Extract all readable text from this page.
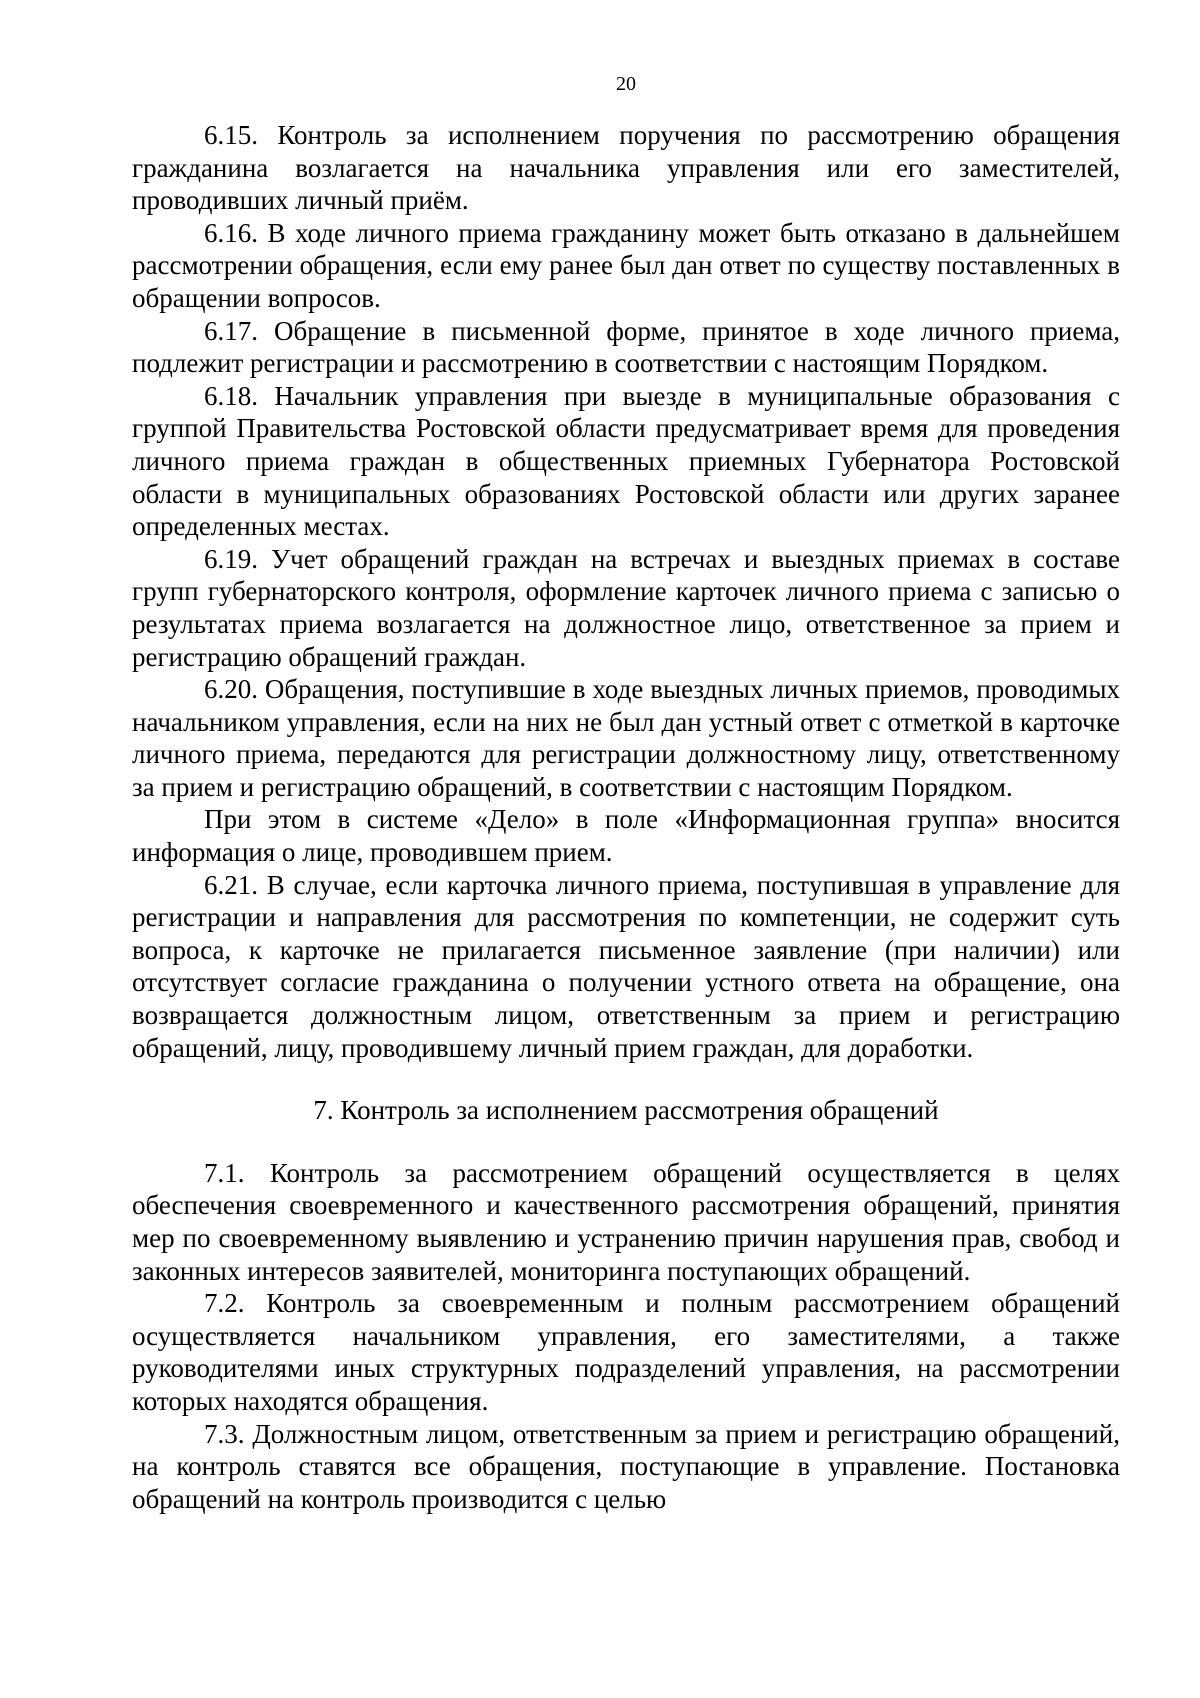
20

6.15. Контроль за исполнением поручения по рассмотрению обращения гражданина возлагается на начальника управления или его заместителей, проводивших личный приём.

6.16. В ходе личного приема гражданину может быть отказано в дальнейшем рассмотрении обращения, если ему ранее был дан ответ по существу поставленных в обращении вопросов.

6.17. Обращение в письменной форме, принятое в ходе личного приема, подлежит регистрации и рассмотрению в соответствии с настоящим Порядком.

6.18. Начальник управления при выезде в муниципальные образования с группой Правительства Ростовской области предусматривает время для проведения личного приема граждан в общественных приемных Губернатора Ростовской области в муниципальных образованиях Ростовской области или других заранее определенных местах.

6.19. Учет обращений граждан на встречах и выездных приемах в составе групп губернаторского контроля, оформление карточек личного приема с записью о результатах приема возлагается на должностное лицо, ответственное за прием и регистрацию обращений граждан.

6.20. Обращения, поступившие в ходе выездных личных приемов, проводимых начальником управления, если на них не был дан устный ответ с отметкой в карточке личного приема, передаются для регистрации должностному лицу, ответственному за прием и регистрацию обращений, в соответствии с настоящим Порядком.

При этом в системе «Дело» в поле «Информационная группа» вносится информация о лице, проводившем прием.

6.21. В случае, если карточка личного приема, поступившая в управление для регистрации и направления для рассмотрения по компетенции, не содержит суть вопроса, к карточке не прилагается письменное заявление (при наличии) или отсутствует согласие гражданина о получении устного ответа на обращение, она возвращается должностным лицом, ответственным за прием и регистрацию обращений, лицу, проводившему личный прием граждан, для доработки.

7. Контроль за исполнением рассмотрения обращений

7.1. Контроль за рассмотрением обращений осуществляется в целях обеспечения своевременного и качественного рассмотрения обращений, принятия мер по своевременному выявлению и устранению причин нарушения прав, свобод и законных интересов заявителей, мониторинга поступающих обращений.

7.2. Контроль за своевременным и полным рассмотрением обращений осуществляется начальником управления, его заместителями, а также руководителями иных структурных подразделений управления, на рассмотрении которых находятся обращения.

7.3. Должностным лицом, ответственным за прием и регистрацию обращений, на контроль ставятся все обращения, поступающие в управление. Постановка обращений на контроль производится с целью
